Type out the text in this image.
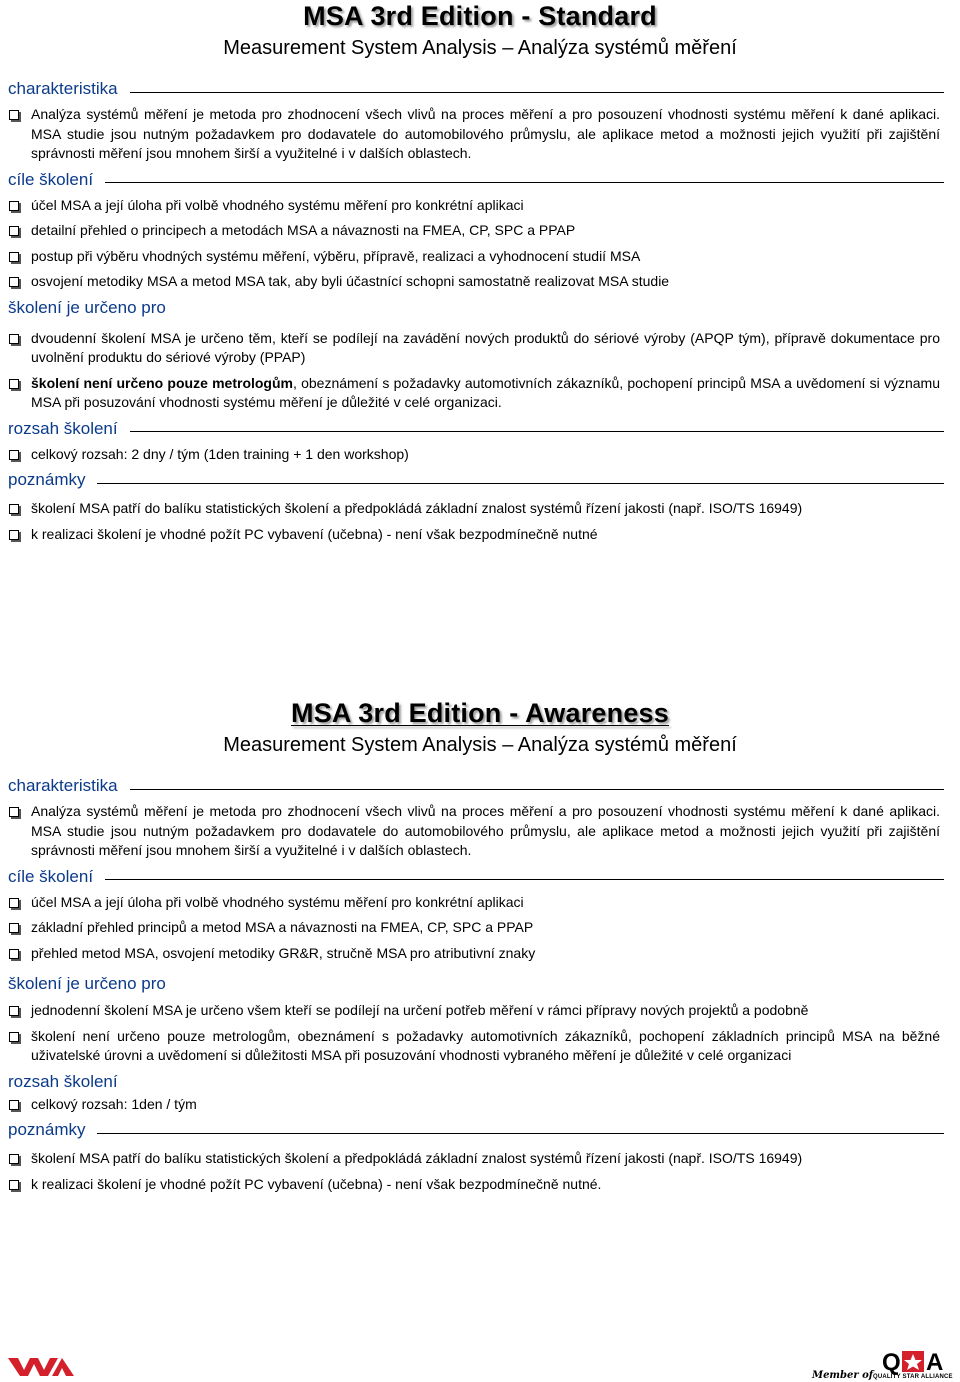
MSA 3rd Edition - Standard
Measurement System Analysis – Analýza systémů měření
charakteristika
Analýza systémů měření je metoda pro zhodnocení všech vlivů na proces měření a pro posouzení vhodnosti systému měření k dané aplikaci. MSA studie jsou nutným požadavkem pro dodavatele do automobilového průmyslu, ale aplikace metod a možnosti jejich využití při zajištění správnosti měření jsou mnohem širší a využitelné i v dalších oblastech.
cíle školení
účel MSA a její úloha při volbě vhodného systému měření pro konkrétní aplikaci
detailní přehled o principech a metodách MSA a návaznosti na FMEA, CP, SPC a PPAP
postup při výběru vhodných systému měření, výběru, přípravě, realizaci a vyhodnocení studií MSA
osvojení metodiky MSA a metod MSA tak, aby byli účastnící schopni samostatně realizovat MSA studie
školení je určeno pro
dvoudenní školení MSA je určeno těm, kteří se podílejí na zavádění nových produktů do sériové výroby (APQP tým), přípravě dokumentace pro uvolnění produktu do sériové výroby (PPAP)
školení není určeno pouze metrologům, obeznámení s požadavky automotivních zákazníků, pochopení principů MSA a uvědomení si významu MSA při posuzování vhodnosti systému měření je důležité v celé organizaci.
rozsah školení
celkový rozsah: 2 dny / tým (1den training + 1 den workshop)
poznámky
školení MSA patří do balíku statistických školení a předpokládá základní znalost systémů řízení jakosti (např. ISO/TS 16949)
k realizaci školení je vhodné požít PC vybavení (učebna) - není však bezpodmínečně nutné
MSA 3rd Edition - Awareness
Measurement System Analysis – Analýza systémů měření
charakteristika
Analýza systémů měření je metoda pro zhodnocení všech vlivů na proces měření a pro posouzení vhodnosti systému měření k dané aplikaci. MSA studie jsou nutným požadavkem pro dodavatele do automobilového průmyslu, ale aplikace metod a možnosti jejich využití při zajištění správnosti měření jsou mnohem širší a využitelné i v dalších oblastech.
cíle školení
účel MSA a její úloha při volbě vhodného systému měření pro konkrétní aplikaci
základní přehled principů a metod MSA a návaznosti na FMEA, CP, SPC a PPAP
přehled metod MSA, osvojení metodiky GR&R, stručně MSA pro atributivní znaky
školení je určeno pro
jednodenní školení MSA je určeno všem kteří se podílejí na určení potřeb měření v rámci přípravy nových projektů a podobně
školení není určeno pouze metrologům, obeznámení s požadavky automotivních zákazníků, pochopení základních principů MSA na běžné uživatelské úrovni a uvědomení si důležitosti MSA při posuzování vhodnosti vybraného měření je důležité v celé organizaci
rozsah školení
celkový rozsah: 1den / tým
poznámky
školení MSA patří do balíku statistických školení a předpokládá základní znalost systémů řízení jakosti (např. ISO/TS 16949)
k realizaci školení je vhodné požít PC vybavení (učebna) - není však bezpodmínečně nutné.
Q A
Member of QUALITY STAR ALLIANCE
